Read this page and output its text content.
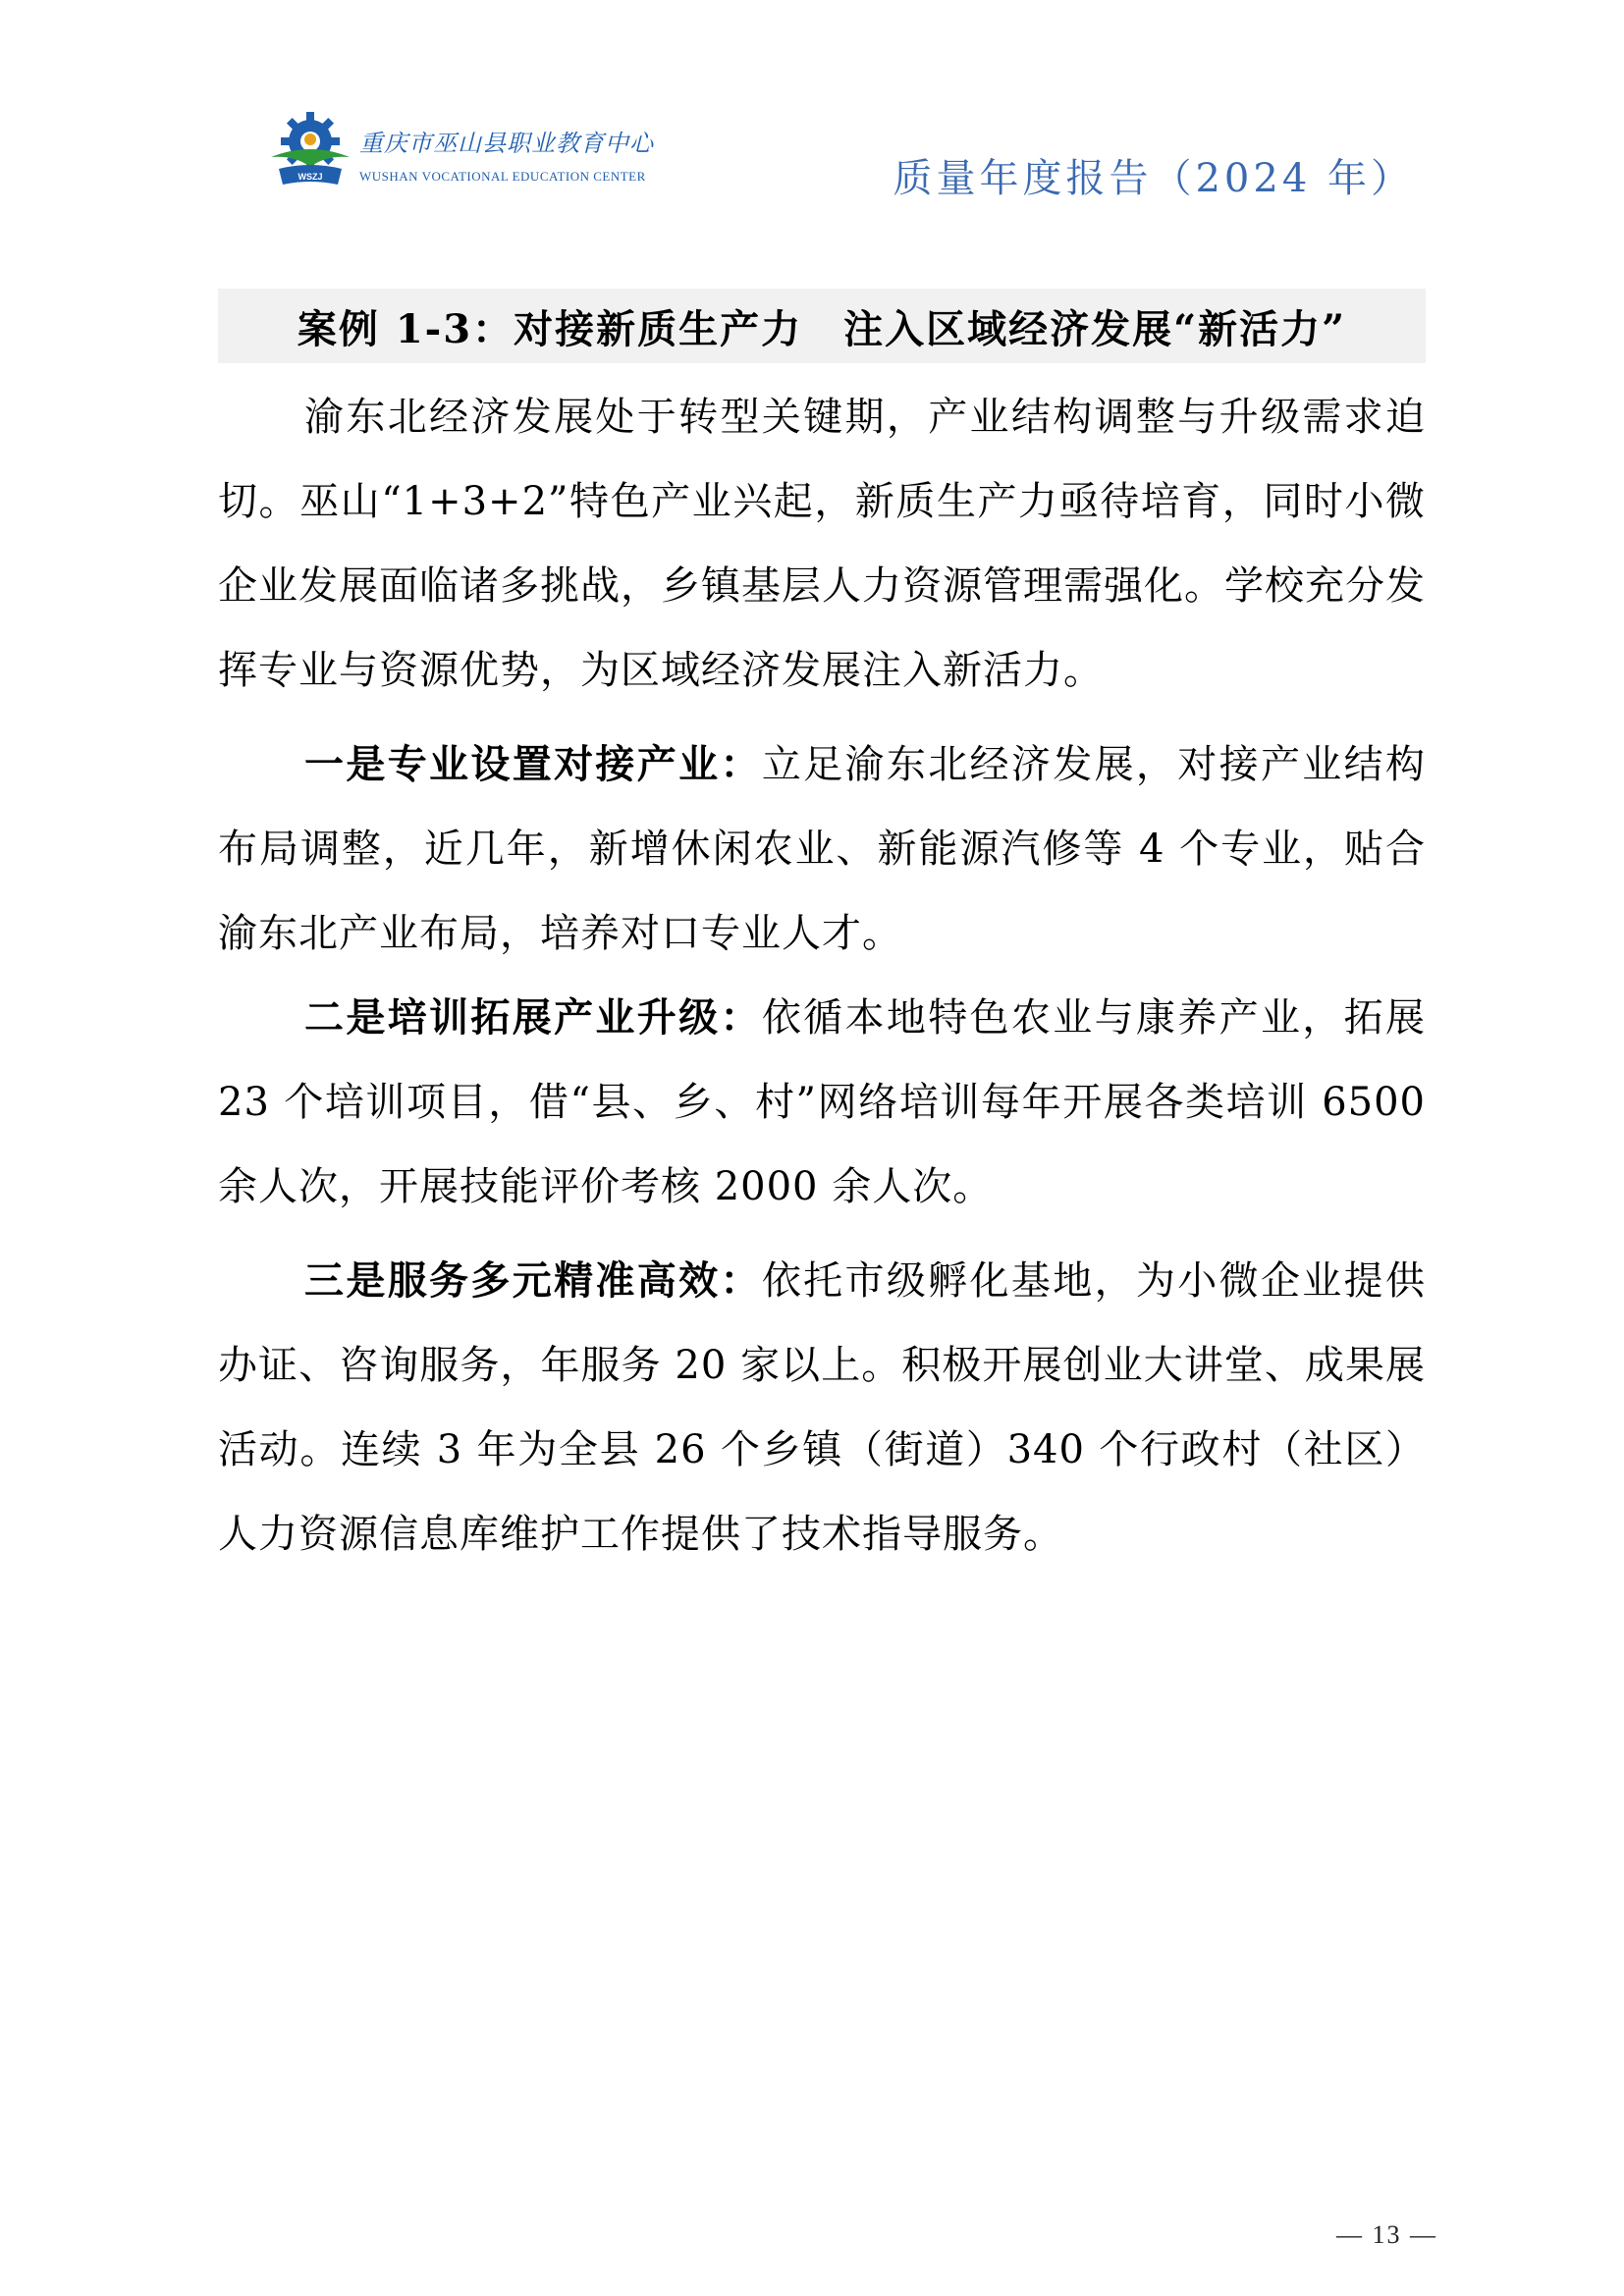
WSZJ
重庆市巫山县职业教育中心
WUSHAN VOCATIONAL EDUCATION CENTER	质量年度报告（2024 年）
案例 1-3：对接新质生产力　注入区域经济发展“新活力”

渝东北经济发展处于转型关键期，产业结构调整与升级需求迫切。巫山“1+3+2”特色产业兴起，新质生产力亟待培育，同时小微企业发展面临诸多挑战，乡镇基层人力资源管理需强化。学校充分发挥专业与资源优势，为区域经济发展注入新活力。

一是专业设置对接产业：立足渝东北经济发展，对接产业结构布局调整，近几年，新增休闲农业、新能源汽修等 4 个专业，贴合渝东北产业布局，培养对口专业人才。

二是培训拓展产业升级：依循本地特色农业与康养产业，拓展 23 个培训项目，借“县、乡、村”网络培训每年开展各类培训 6500 余人次，开展技能评价考核 2000 余人次。

三是服务多元精准高效：依托市级孵化基地，为小微企业提供办证、咨询服务，年服务 20 家以上。积极开展创业大讲堂、成果展活动。连续 3 年为全县 26 个乡镇（街道）340 个行政村（社区）人力资源信息库维护工作提供了技术指导服务。

— 13 —
